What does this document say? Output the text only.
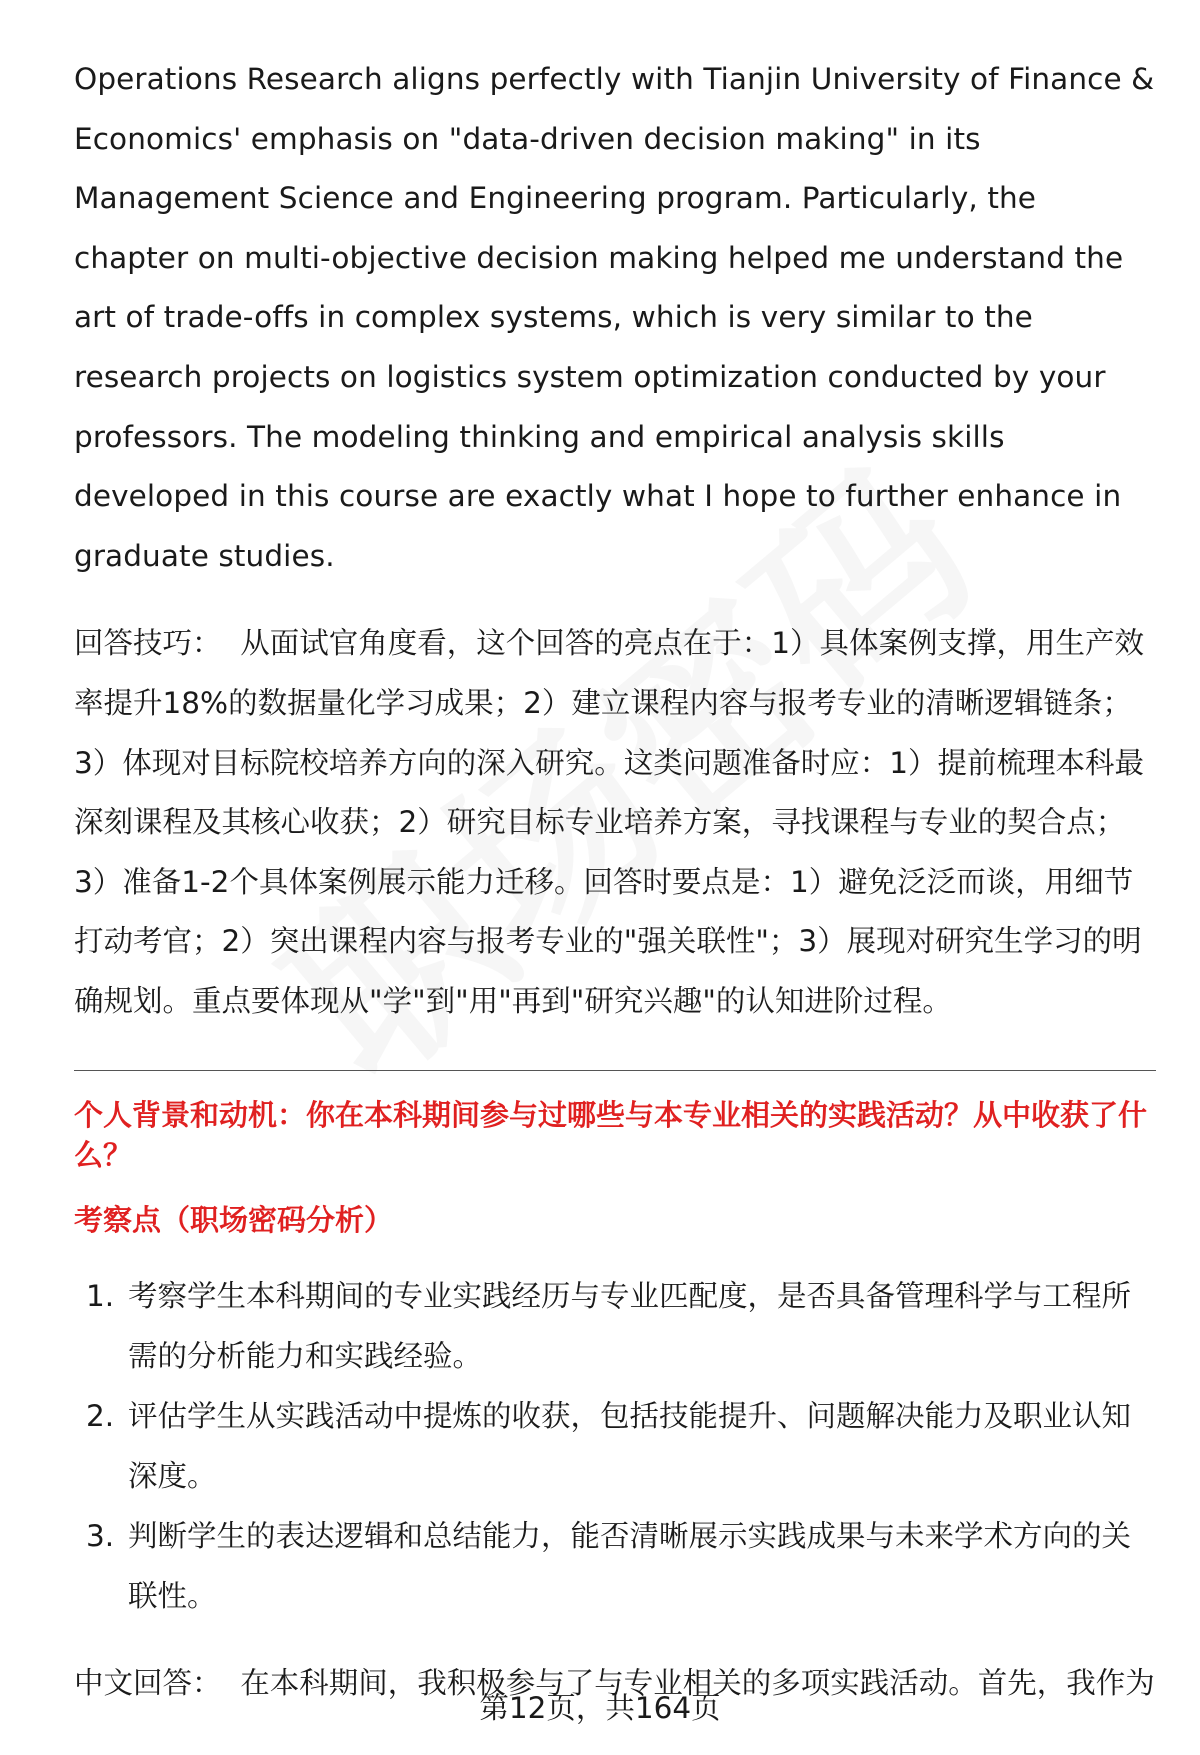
Operations Research aligns perfectly with Tianjin University of Finance & Economics' emphasis on "data-driven decision making" in its Management Science and Engineering program. Particularly, the chapter on multi-objective decision making helped me understand the art of trade-offs in complex systems, which is very similar to the research projects on logistics system optimization conducted by your professors. The modeling thinking and empirical analysis skills developed in this course are exactly what I hope to further enhance in graduate studies.

回答技巧： 从面试官角度看，这个回答的亮点在于：1）具体案例支撑，用生产效率提升18%的数据量化学习成果；2）建立课程内容与报考专业的清晰逻辑链条；3）体现对目标院校培养方向的深入研究。这类问题准备时应：1）提前梳理本科最深刻课程及其核心收获；2）研究目标专业培养方案，寻找课程与专业的契合点；3）准备1-2个具体案例展示能力迁移。回答时要点是：1）避免泛泛而谈，用细节打动考官；2）突出课程内容与报考专业的"强关联性"；3）展现对研究生学习的明确规划。重点要体现从"学"到"用"再到"研究兴趣"的认知进阶过程。

个人背景和动机：你在本科期间参与过哪些与本专业相关的实践活动？从中收获了什么？
考察点（职场密码分析）
1. 考察学生本科期间的专业实践经历与专业匹配度，是否具备管理科学与工程所需的分析能力和实践经验。
2. 评估学生从实践活动中提炼的收获，包括技能提升、问题解决能力及职业认知深度。
3. 判断学生的表达逻辑和总结能力，能否清晰展示实践成果与未来学术方向的关联性。

中文回答： 在本科期间，我积极参与了与专业相关的多项实践活动。首先，我作为

第12页，共164页
